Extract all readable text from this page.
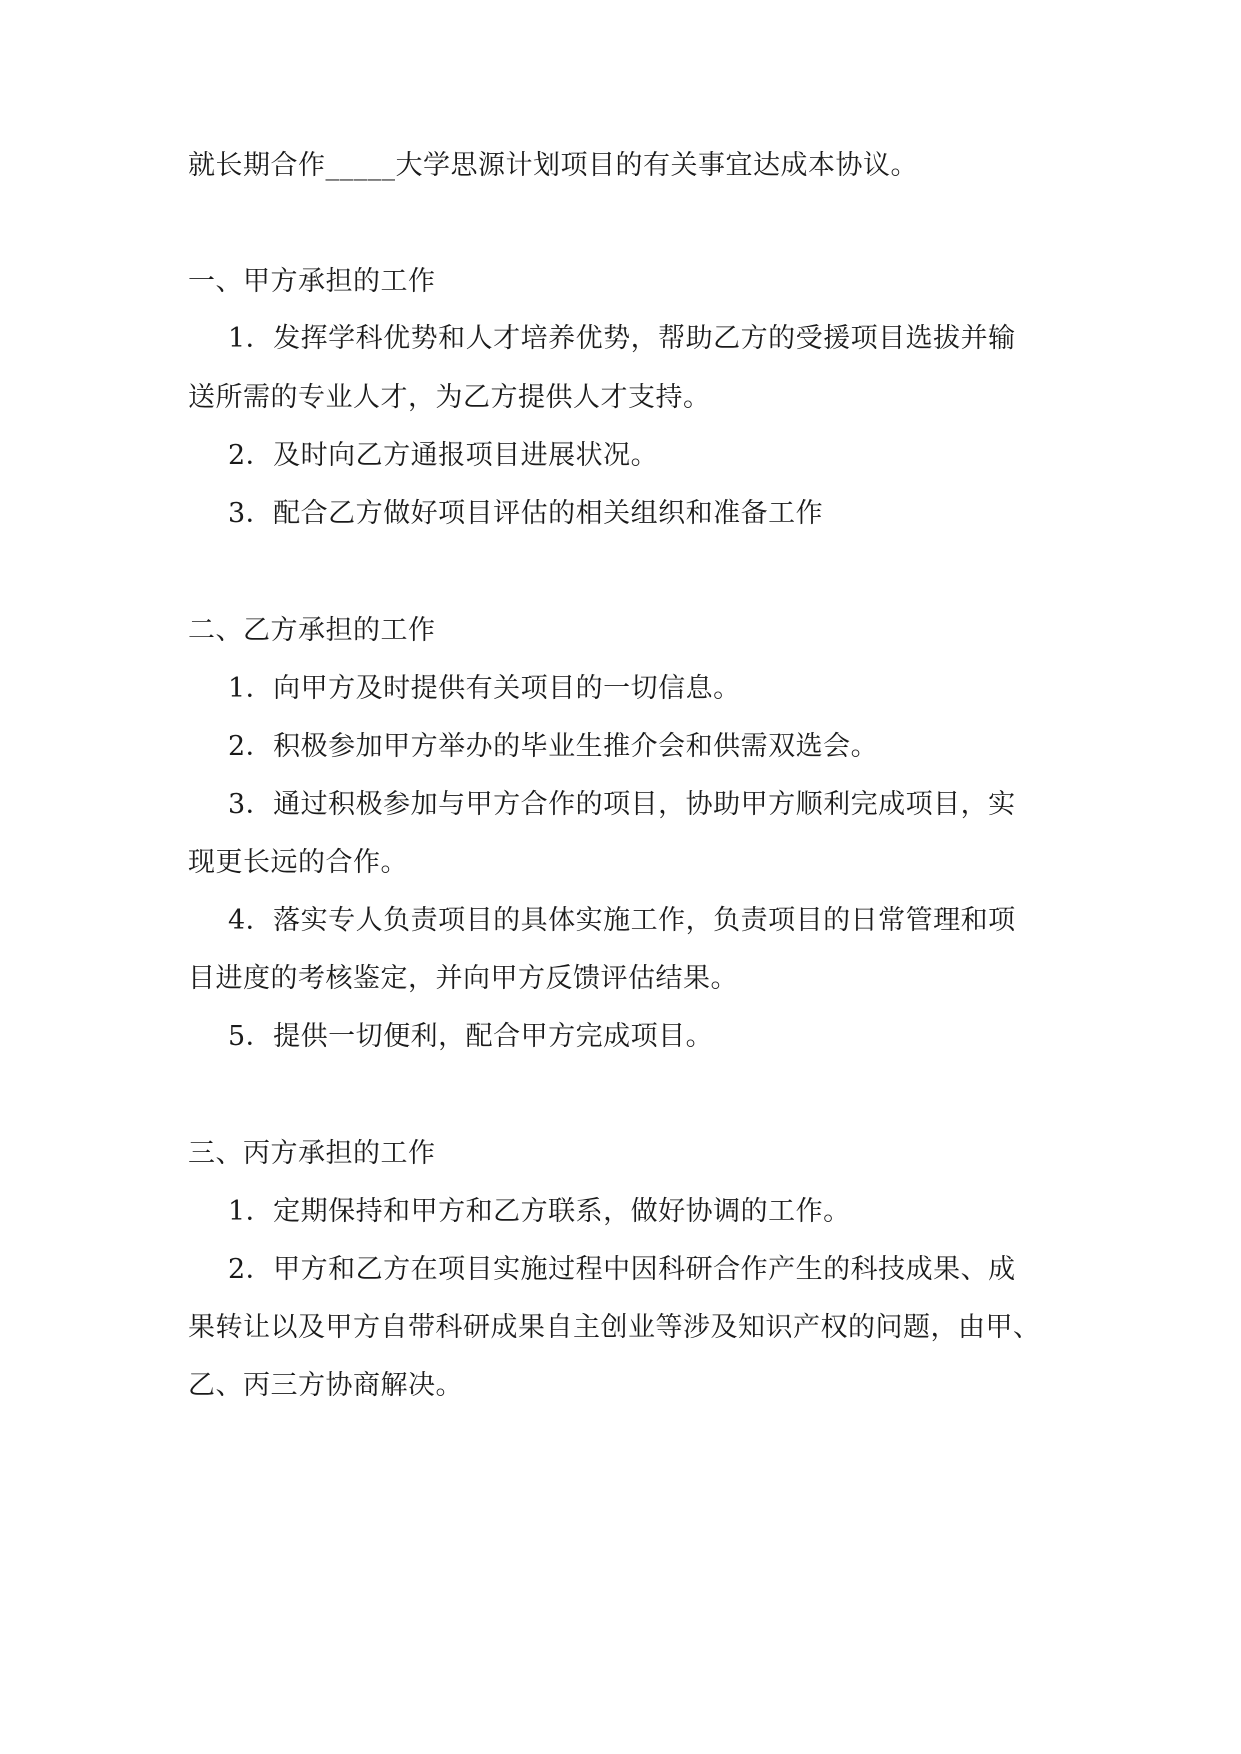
就长期合作_____大学思源计划项目的有关事宜达成本协议。
一、甲方承担的工作
1．发挥学科优势和人才培养优势，帮助乙方的受援项目选拔并输
送所需的专业人才，为乙方提供人才支持。
2．及时向乙方通报项目进展状况。
3．配合乙方做好项目评估的相关组织和准备工作
二、乙方承担的工作
1．向甲方及时提供有关项目的一切信息。
2．积极参加甲方举办的毕业生推介会和供需双选会。
3．通过积极参加与甲方合作的项目，协助甲方顺利完成项目，实
现更长远的合作。
4．落实专人负责项目的具体实施工作，负责项目的日常管理和项
目进度的考核鉴定，并向甲方反馈评估结果。
5．提供一切便利，配合甲方完成项目。
三、丙方承担的工作
1．定期保持和甲方和乙方联系，做好协调的工作。
2．甲方和乙方在项目实施过程中因科研合作产生的科技成果、成
果转让以及甲方自带科研成果自主创业等涉及知识产权的问题，由甲、
乙、丙三方协商解决。
